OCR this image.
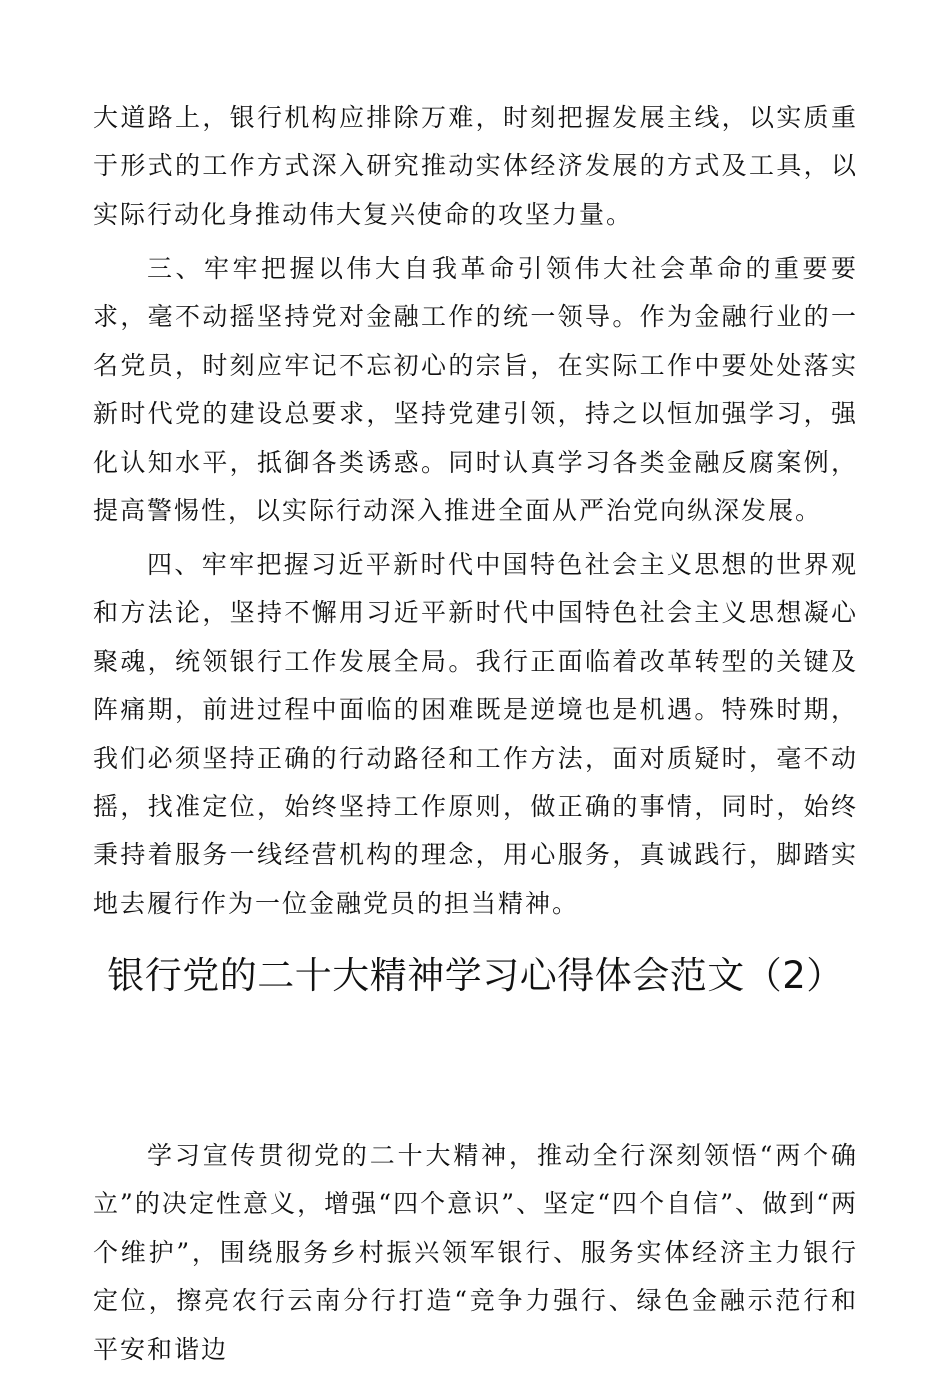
大道路上，银行机构应排除万难，时刻把握发展主线，以实质重于形式的工作方式深入研究推动实体经济发展的方式及工具，以实际行动化身推动伟大复兴使命的攻坚力量。

三、牢牢把握以伟大自我革命引领伟大社会革命的重要要求，毫不动摇坚持党对金融工作的统一领导。作为金融行业的一名党员，时刻应牢记不忘初心的宗旨，在实际工作中要处处落实新时代党的建设总要求，坚持党建引领，持之以恒加强学习，强化认知水平，抵御各类诱惑。同时认真学习各类金融反腐案例，提高警惕性，以实际行动深入推进全面从严治党向纵深发展。

四、牢牢把握习近平新时代中国特色社会主义思想的世界观和方法论，坚持不懈用习近平新时代中国特色社会主义思想凝心聚魂，统领银行工作发展全局。我行正面临着改革转型的关键及阵痛期，前进过程中面临的困难既是逆境也是机遇。特殊时期，我们必须坚持正确的行动路径和工作方法，面对质疑时，毫不动摇，找准定位，始终坚持工作原则，做正确的事情，同时，始终秉持着服务一线经营机构的理念，用心服务，真诚践行，脚踏实地去履行作为一位金融党员的担当精神。

银行党的二十大精神学习心得体会范文（2）

学习宣传贯彻党的二十大精神，推动全行深刻领悟“两个确立”的决定性意义，增强“四个意识”、坚定“四个自信”、做到“两个维护”，围绕服务乡村振兴领军银行、服务实体经济主力银行定位，擦亮农行云南分行打造“竞争力强行、绿色金融示范行和平安和谐边
